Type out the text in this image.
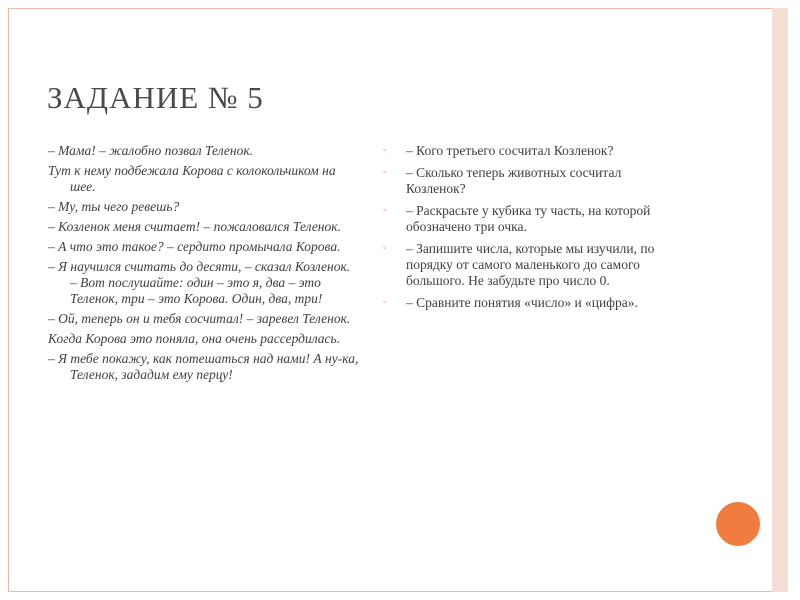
ЗАДАНИЕ № 5

– Мама! – жалобно позвал Теленок.

Тут к нему подбежала Корова с колокольчиком на шее.

– Му, ты чего ревешь?

– Козленок меня считает! – пожаловался Теленок.

– А что это такое? – сердито промычала Корова.

– Я научился считать до десяти, – сказал Козленок. – Вот послушайте: один – это я, два – это Теленок, три – это Корова. Один, два, три!

– Ой, теперь он и тебя сосчитал! – заревел Теленок.

Когда Корова это поняла, она очень рассердилась.

– Я тебе покажу, как потешаться над нами! А ну-ка, Теленок, зададим ему перцу!

◦ – Кого третьего сосчитал Козленок?
◦ – Сколько теперь животных сосчитал Козленок?
◦ – Раскрасьте у кубика ту часть, на которой обозначено три очка.
◦ – Запишите числа, которые мы изучили, по порядку от самого маленького до самого большого. Не забудьте про число 0.
◦ – Сравните понятия «число» и «цифра».
